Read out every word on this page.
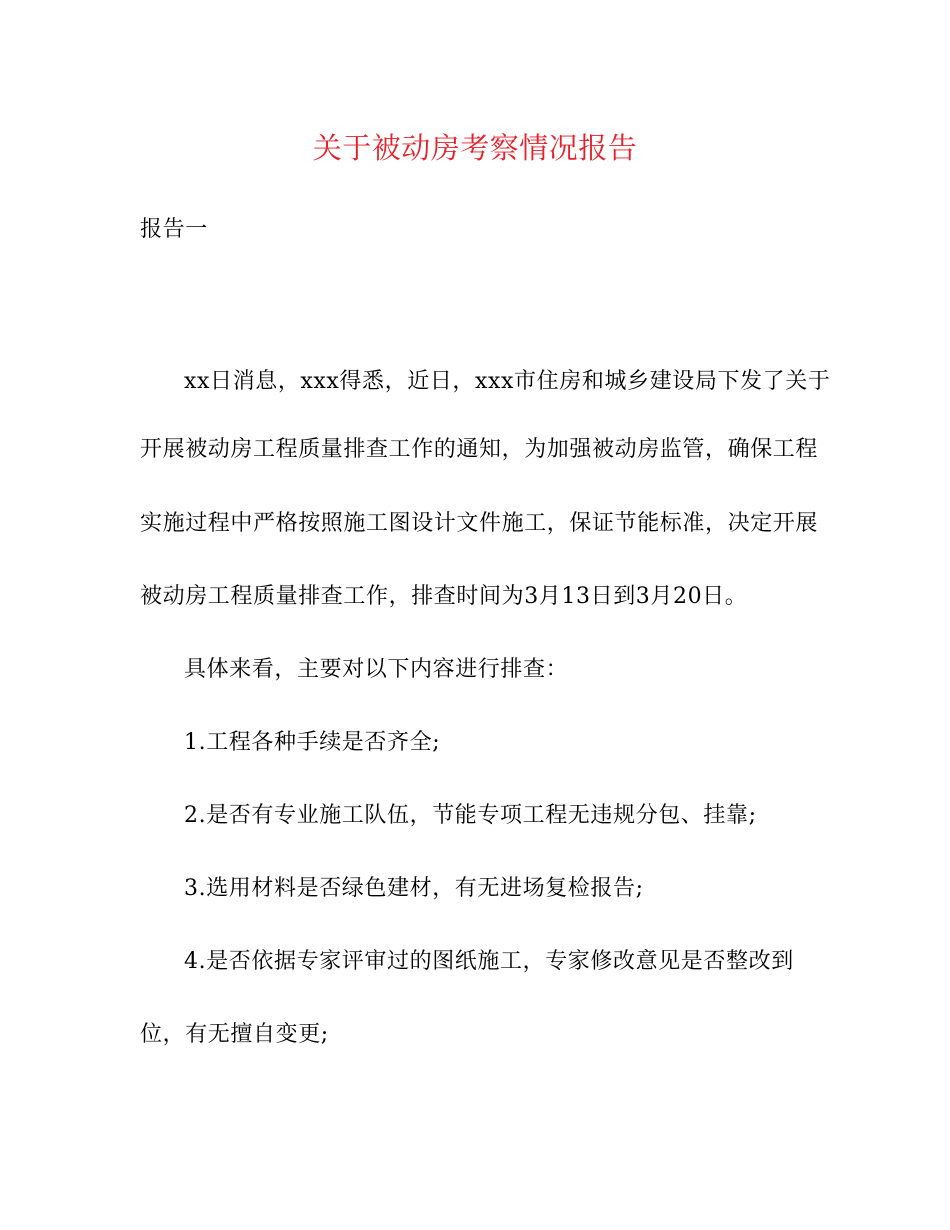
关于被动房考察情况报告
报告一
xx日消息，xxx得悉，近日，xxx市住房和城乡建设局下发了关于
开展被动房工程质量排查工作的通知，为加强被动房监管，确保工程
实施过程中严格按照施工图设计文件施工，保证节能标准，决定开展
被动房工程质量排查工作，排查时间为3月13日到3月20日。
具体来看，主要对以下内容进行排查：
1.工程各种手续是否齐全;
2.是否有专业施工队伍，节能专项工程无违规分包、挂靠;
3.选用材料是否绿色建材，有无进场复检报告;
4.是否依据专家评审过的图纸施工，专家修改意见是否整改到
位，有无擅自变更;
